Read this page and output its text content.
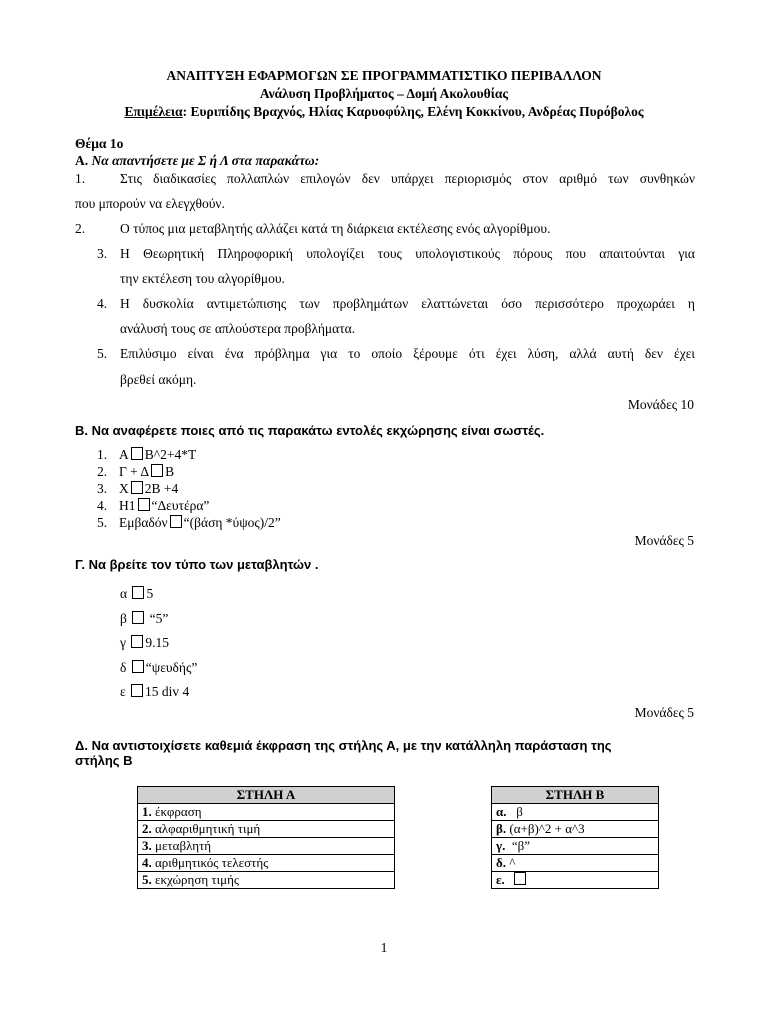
ΑΝΑΠΤΥΞΗ ΕΦΑΡΜΟΓΩΝ ΣΕ ΠΡΟΓΡΑΜΜΑΤΙΣΤΙΚΟ ΠΕΡΙΒΑΛΛΟΝ
Ανάλυση Προβλήματος – Δομή Ακολουθίας
Επιμέλεια: Ευριπίδης Βραχνός, Ηλίας Καρυοφύλης, Ελένη Κοκκίνου, Ανδρέας Πυρόβολος
Θέμα 1ο
Α. Να απαντήσετε με Σ ή Λ στα παρακάτω:
1.	Στις διαδικασίες πολλαπλών επιλογών δεν υπάρχει περιορισμός στον αριθμό των συνθηκών
που μπορούν να ελεγχθούν.
2.	Ο τύπος μια μεταβλητής αλλάζει κατά τη διάρκεια εκτέλεσης ενός αλγορίθμου.
3. Η Θεωρητική Πληροφορική υπολογίζει τους υπολογιστικούς πόρους που απαιτούνται για
την εκτέλεση του αλγορίθμου.
4. Η δυσκολία αντιμετώπισης των προβλημάτων ελαττώνεται όσο περισσότερο προχωράει η
ανάλυσή τους σε απλούστερα προβλήματα.
5. Επιλύσιμο είναι ένα πρόβλημα για το οποίο ξέρουμε ότι έχει λύση, αλλά αυτή δεν έχει
βρεθεί ακόμη.
Μονάδες 10
Β. Να αναφέρετε ποιες από τις παρακάτω εντολές εκχώρησης είναι σωστές.
1. Α Β^2+4*Τ
2. Γ + Δ Β
3. Χ 2Β +4
4. Η1 “Δευτέρα”
5. Εμβαδόν “(βάση *ύψος)/2”
Μονάδες 5
Γ. Να βρείτε τον τύπο των μεταβλητών .
α 5
β  “5”
γ 9.15
δ “ψευδής”
ε 15 div 4
Μονάδες 5
Δ. Να αντιστοιχίσετε καθεμιά έκφραση της στήλης Α, με την κατάλληλη παράσταση της
στήλης Β
ΣΤΗΛΗ Α
1. έκφραση
2. αλφαριθμητική τιμή
3. μεταβλητή
4. αριθμητικός τελεστής
5. εκχώρηση τιμής
ΣΤΗΛΗ Β
α.   β
β. (α+β)^2 + α^3
γ.  “β”
δ. ^
ε.
1
